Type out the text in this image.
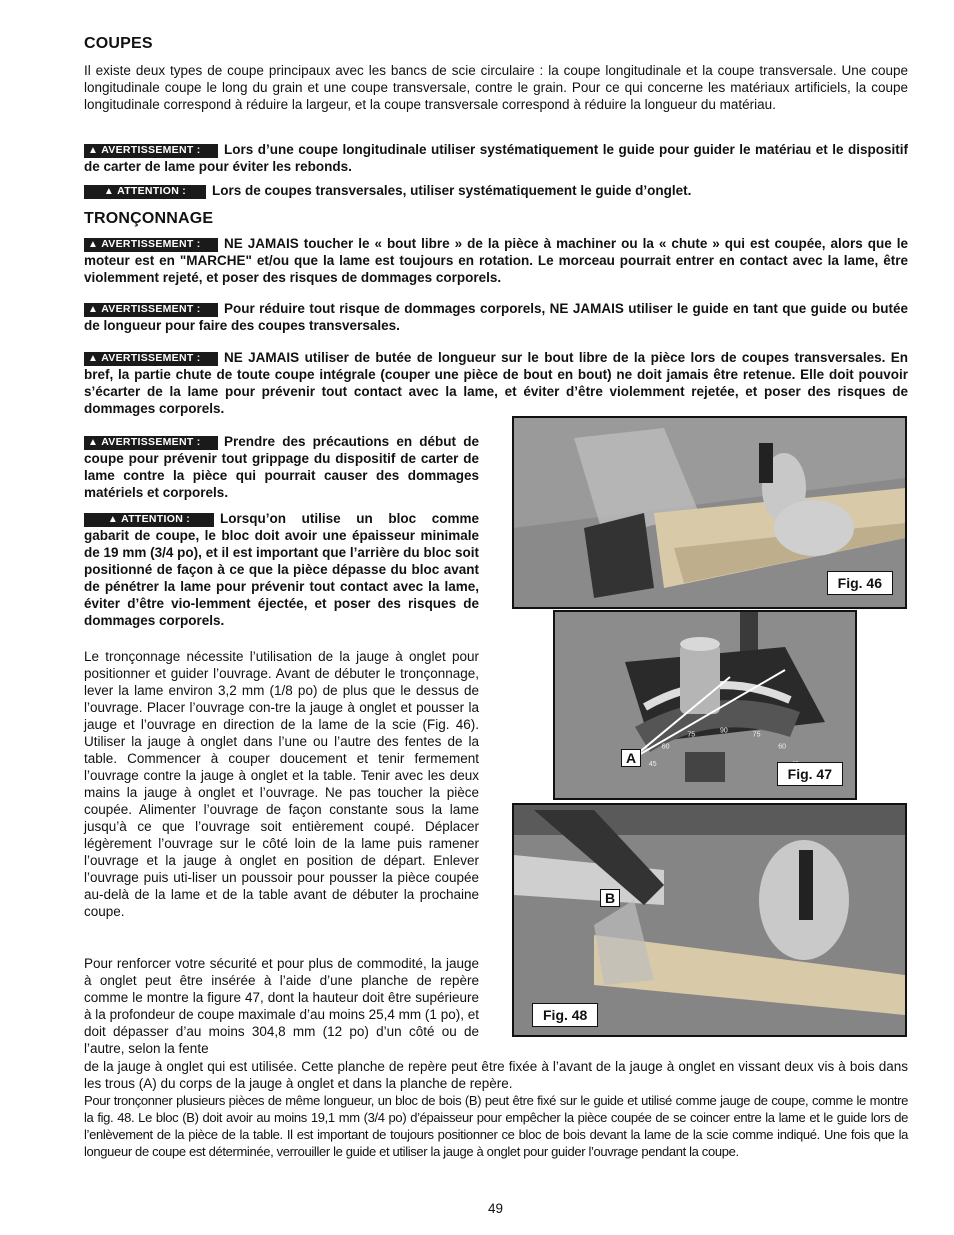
COUPES
Il existe deux types de coupe principaux avec les bancs de scie circulaire : la coupe longitudinale et la coupe transversale. Une coupe longitudinale coupe le long du grain et une coupe transversale, contre le grain. Pour ce qui concerne les matériaux artificiels, la coupe longitudinale correspond à réduire la largeur, et la coupe transversale correspond à réduire la longueur du matériau.
▲ AVERTISSEMENT : Lors d’une coupe longitudinale utiliser systématiquement le guide pour guider le matériau et le dispositif de carter de lame pour éviter les rebonds.
▲ ATTENTION : Lors de coupes transversales, utiliser systématiquement le guide d’onglet.
TRONÇONNAGE
▲ AVERTISSEMENT : NE JAMAIS toucher le « bout libre » de la pièce à machiner ou la « chute » qui est coupée, alors que le moteur est en "MARCHE" et/ou que la lame est toujours en rotation. Le morceau pourrait entrer en contact avec la lame, être violemment rejeté, et poser des risques de dommages corporels.
▲ AVERTISSEMENT : Pour réduire tout risque de dommages corporels, NE JAMAIS utiliser le guide en tant que guide ou butée de longueur pour faire des coupes transversales.
▲ AVERTISSEMENT : NE JAMAIS utiliser de butée de longueur sur le bout libre de la pièce lors de coupes transversales. En bref, la partie chute de toute coupe intégrale (couper une pièce de bout en bout) ne doit jamais être retenue. Elle doit pouvoir s’écarter de la lame pour prévenir tout contact avec la lame, et éviter d’être violemment rejetée, et poser des risques de dommages corporels.
▲ AVERTISSEMENT : Prendre des précautions en début de coupe pour prévenir tout grippage du dispositif de carter de lame contre la pièce qui pourrait causer des dommages matériels et corporels.
▲ ATTENTION : Lorsqu’on utilise un bloc comme gabarit de coupe, le bloc doit avoir une épaisseur minimale de 19 mm (3/4 po), et il est important que l’arrière du bloc soit positionné de façon à ce que la pièce dépasse du bloc avant de pénétrer la lame pour prévenir tout contact avec la lame, éviter d’être vio-lemment éjectée, et poser des risques de dommages corporels.
Le tronçonnage nécessite l’utilisation de la jauge à onglet pour positionner et guider l’ouvrage. Avant de débuter le tronçonnage, lever la lame environ 3,2 mm (1/8 po) de plus que le dessus de l’ouvrage. Placer l’ouvrage con-tre la jauge à onglet et pousser la jauge et l’ouvrage en direction de la lame de la scie (Fig. 46). Utiliser la jauge à onglet dans l’une ou l’autre des fentes de la table. Commencer à couper doucement et tenir fermement l’ouvrage contre la jauge à onglet et la table. Tenir avec les deux mains la jauge à onglet et l’ouvrage. Ne pas toucher la pièce coupée. Alimenter l’ouvrage de façon constante sous la lame jusqu’à ce que l’ouvrage soit entièrement coupé. Déplacer légèrement l’ouvrage sur le côté loin de la lame puis ramener l’ouvrage et la jauge à onglet en position de départ. Enlever l’ouvrage puis uti-liser un poussoir pour pousser la pièce coupée au-delà de la lame et de la table avant de débuter la prochaine coupe.
Pour renforcer votre sécurité et pour plus de commodité, la jauge à onglet peut être insérée à l’aide d’une planche de repère comme le montre la figure 47, dont la hauteur doit être supérieure à la profondeur de coupe maximale d’au moins 25,4 mm (1 po), et doit dépasser d’au moins 304,8 mm (12 po) d’un côté ou de l’autre, selon la fente
de la jauge à onglet qui est utilisée. Cette planche de repère peut être fixée à l’avant de la jauge à onglet en vissant deux vis à bois dans les trous (A) du corps de la jauge à onglet et dans la planche de repère.
Pour tronçonner plusieurs pièces de même longueur, un bloc de bois (B) peut être fixé sur le guide et utilisé comme jauge de coupe, comme le montre la fig. 48. Le bloc (B) doit avoir au moins 19,1 mm (3/4 po) d’épaisseur pour empêcher la pièce coupée de se coincer entre la lame et le guide lors de l’enlèvement de la pièce de la table. Il est important de toujours positionner ce bloc de bois devant la lame de la scie comme indiqué. Une fois que la longueur de coupe est déterminée, verrouiller le guide et utiliser la jauge à onglet pour guider l’ouvrage pendant la coupe.
Fig. 46
45
60
75
90
75
60
A
Fig. 47
B
Fig. 48
49
